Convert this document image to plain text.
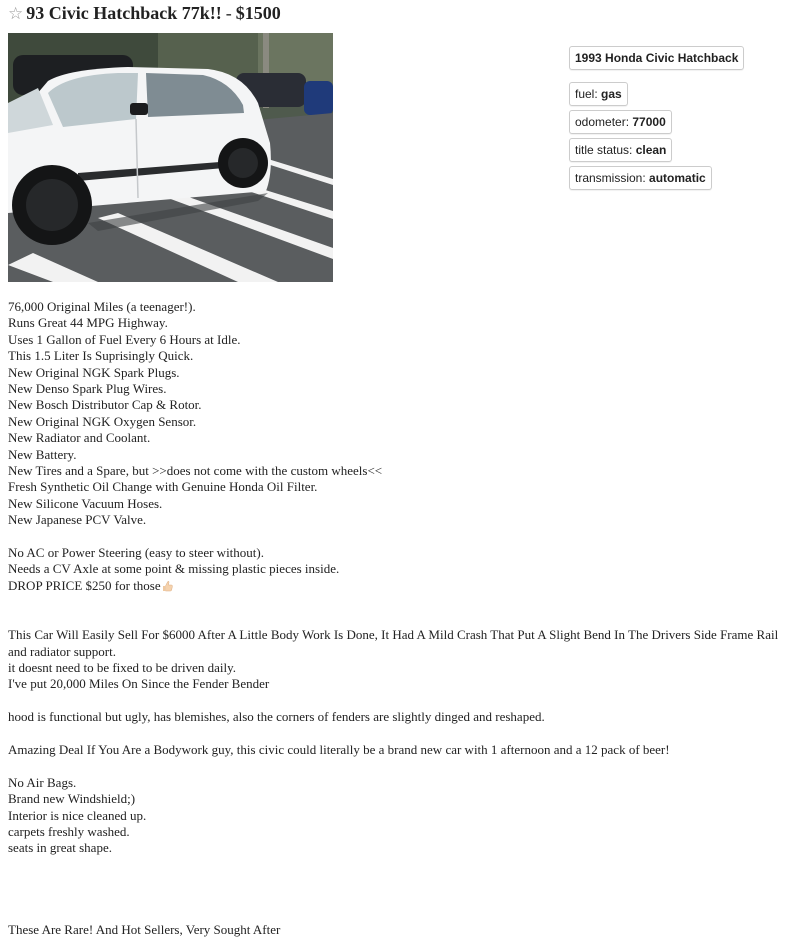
☆ 93 Civic Hatchback 77k!! - $1500
1993 Honda Civic Hatchback
fuel: gas
odometer: 77000
title status: clean
transmission: automatic
76,000 Original Miles (a teenager!).
Runs Great 44 MPG Highway.
Uses 1 Gallon of Fuel Every 6 Hours at Idle.
This 1.5 Liter Is Suprisingly Quick.
New Original NGK Spark Plugs.
New Denso Spark Plug Wires.
New Bosch Distributor Cap & Rotor.
New Original NGK Oxygen Sensor.
New Radiator and Coolant.
New Battery.
New Tires and a Spare, but >>does not come with the custom wheels<<
Fresh Synthetic Oil Change with Genuine Honda Oil Filter.
New Silicone Vacuum Hoses.
New Japanese PCV Valve.
No AC or Power Steering (easy to steer without).
Needs a CV Axle at some point & missing plastic pieces inside.
DROP PRICE $250 for those
This Car Will Easily Sell For $6000 After A Little Body Work Is Done, It Had A Mild Crash That Put A Slight Bend In The Drivers Side Frame Rail
and radiator support.
it doesnt need to be fixed to be driven daily.
I've put 20,000 Miles On Since the Fender Bender
hood is functional but ugly, has blemishes, also the corners of fenders are slightly dinged and reshaped.
Amazing Deal If You Are a Bodywork guy, this civic could literally be a brand new car with 1 afternoon and a 12 pack of beer!
No Air Bags.
Brand new Windshield;)
Interior is nice cleaned up.
carpets freshly washed.
seats in great shape.
These Are Rare! And Hot Sellers, Very Sought After
